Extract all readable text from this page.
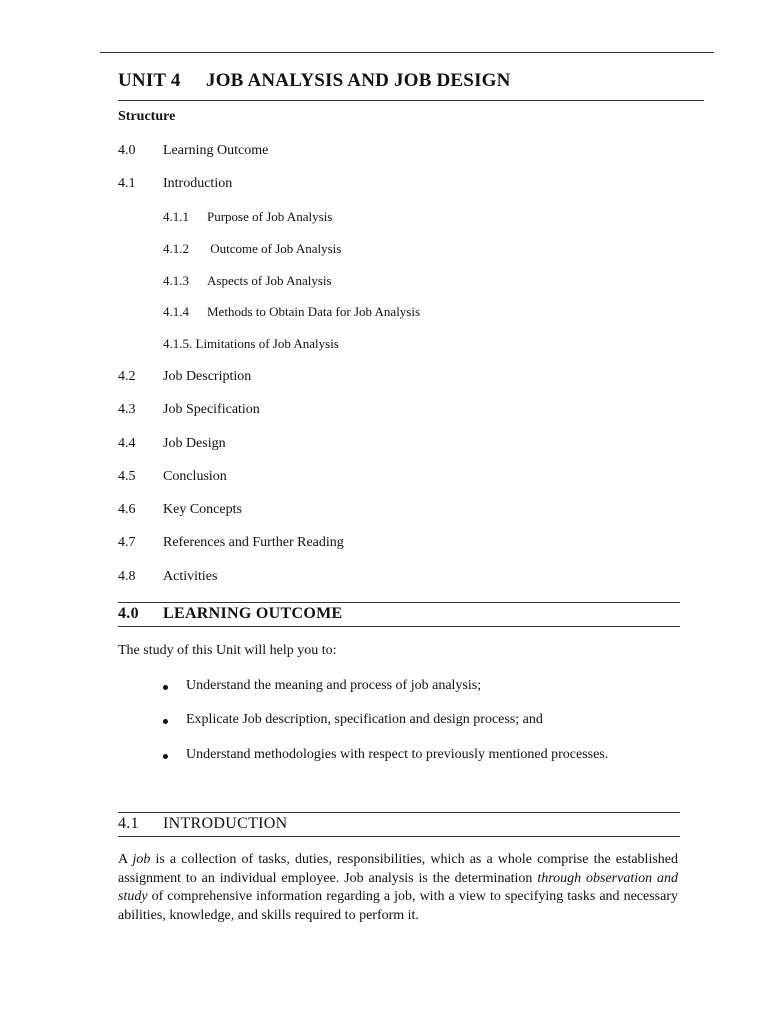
UNIT 4 JOB ANALYSIS AND JOB DESIGN
Structure
4.0 Learning Outcome
4.1 Introduction
4.1.1 Purpose of Job Analysis
4.1.2 Outcome of Job Analysis
4.1.3 Aspects of Job Analysis
4.1.4 Methods to Obtain Data for Job Analysis
4.1.5. Limitations of Job Analysis
4.2 Job Description
4.3 Job Specification
4.4 Job Design
4.5 Conclusion
4.6 Key Concepts
4.7 References and Further Reading
4.8 Activities
4.0 LEARNING OUTCOME
The study of this Unit will help you to:
Understand the meaning and process of job analysis;
Explicate Job description, specification and design process; and
Understand methodologies with respect to previously mentioned processes.
4.1 INTRODUCTION
A job is a collection of tasks, duties, responsibilities, which as a whole comprise the established assignment to an individual employee. Job analysis is the determination through observation and study of comprehensive information regarding a job, with a view to specifying tasks and necessary abilities, knowledge, and skills required to perform it.
